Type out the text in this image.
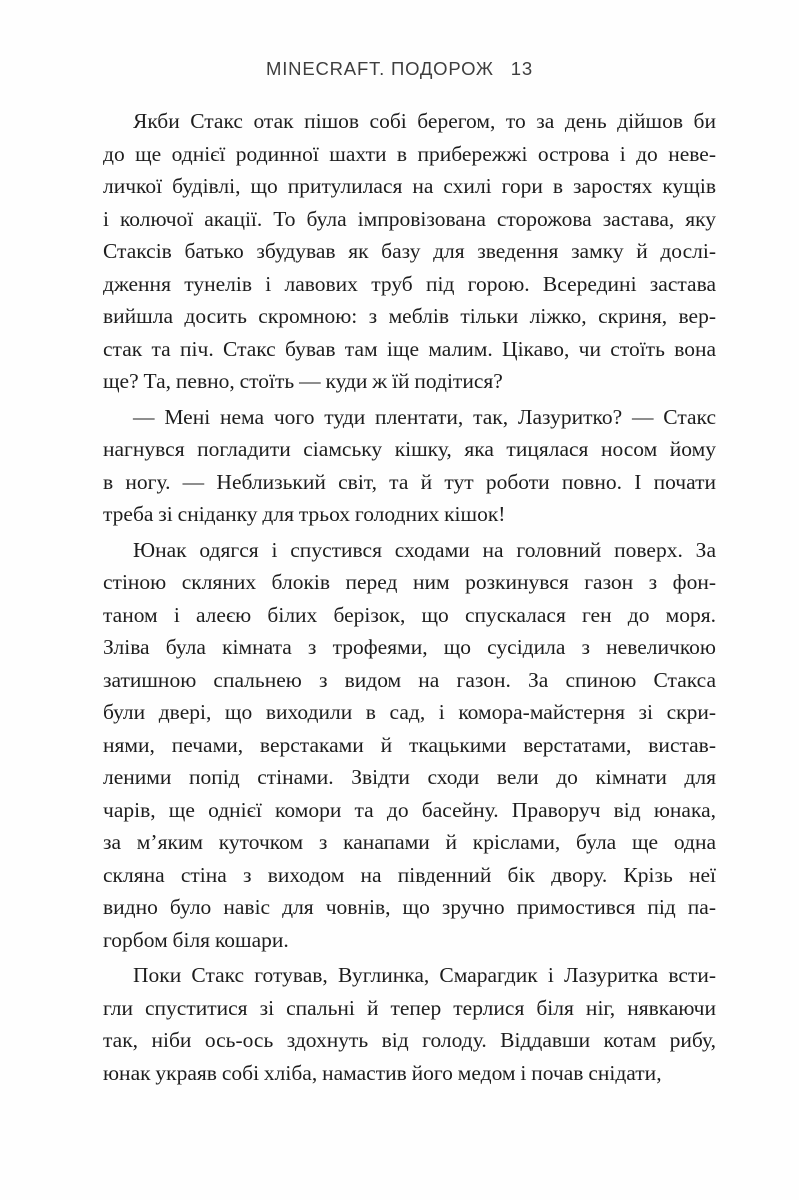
MINECRAFT. ПОДОРОЖ 13

Якби Стакс отак пішов собі берегом, то за день дійшов би
до ще однієї родинної шахти в прибережжі острова і до неве-
личкої будівлі, що притулилася на схилі гори в заростях кущів
і колючої акації. То була імпровізована сторожова застава, яку
Стаксів батько збудував як базу для зведення замку й дослі-
дження тунелів і лавових труб під горою. Всередині застава
вийшла досить скромною: з меблів тільки ліжко, скриня, вер-
стак та піч. Стакс бував там іще малим. Цікаво, чи стоїть вона
ще? Та, певно, стоїть — куди ж їй подітися?

— Мені нема чого туди плентати, так, Лазуритко? — Стакс
нагнувся погладити сіамську кішку, яка тицялася носом йому
в ногу. — Неблизький світ, та й тут роботи повно. І почати
треба зі сніданку для трьох голодних кішок!

Юнак одягся і спустився сходами на головний поверх. За
стіною скляних блоків перед ним розкинувся газон з фон-
таном і алеєю білих берізок, що спускалася ген до моря.
Зліва була кімната з трофеями, що сусідила з невеличкою
затишною спальнею з видом на газон. За спиною Стакса
були двері, що виходили в сад, і комора-майстерня зі скри-
нями, печами, верстаками й ткацькими верстатами, вистав-
леними попід стінами. Звідти сходи вели до кімнати для
чарів, ще однієї комори та до басейну. Праворуч від юнака,
за м’яким куточком з канапами й кріслами, була ще одна
скляна стіна з виходом на південний бік двору. Крізь неї
видно було навіс для човнів, що зручно примостився під па-
горбом біля кошари.

Поки Стакс готував, Вуглинка, Смарагдик і Лазуритка всти-
гли спуститися зі спальні й тепер терлися біля ніг, нявкаючи
так, ніби ось-ось здохнуть від голоду. Віддавши котам рибу,
юнак украяв собі хліба, намастив його медом і почав снідати,
